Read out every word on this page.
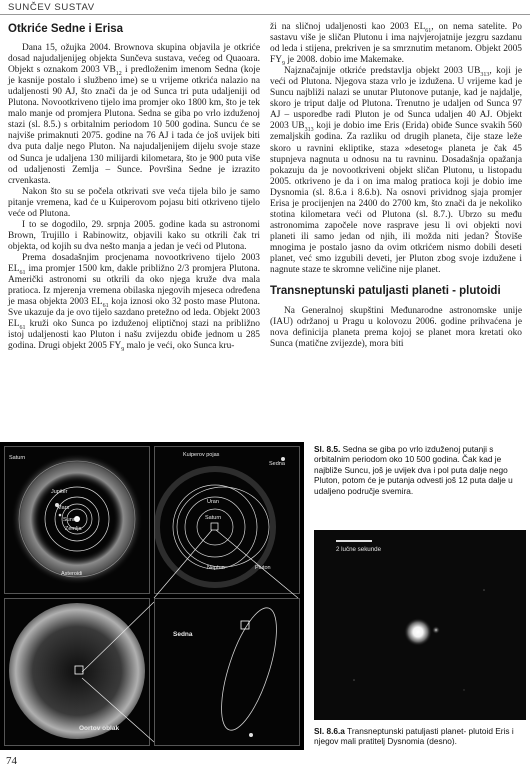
SUNČEV SUSTAV
Otkriće Sedne i Erisa

Dana 15, ožujka 2004. Brownova skupina objavila je otkriće dosad najudaljenijeg objekta Sunčeva sustava, većeg od Quaoara. Objekt s oznakom 2003 $VB_{12}$ i predloženim imenom Sedna (koje je kasnije postalo i službeno ime) se u vrijeme otkrića nalazio na udaljenosti 90 AJ, što znači da je od Sunca tri puta udaljeniji od Plutona. Novootkriveno tijelo ima promjer oko 1800 km, što je tek malo manje od promjera Plutona. Sedna se giba po vrlo izduženoj stazi (sl. 8.5.) s orbitalnim periodom 10 500 godina. Suncu će se najviše primaknuti 2075. godine na 76 AJ i tada će još uvijek biti dva puta dalje nego Pluton. Na najudaljenijem dijelu svoje staze od Sunca je udaljena 130 milijardi kilometara, što je 900 puta više od udaljenosti Zemlja – Sunce. Površina Sedne je izrazito crvenkasta.

Nakon što su se počela otkrivati sve veća tijela bilo je samo pitanje vremena, kad će u Kuiperovom pojasu biti otkriveno tijelo veće od Plutona.

I to se dogodilo, 29. srpnja 2005. godine kada su astronomi Brown, Trujillo i Rabinowitz, objavili kako su otkrili čak tri objekta, od kojih su dva nešto manja a jedan je veći od Plutona.

Prema dosadašnjim procjenama novootkriveno tijelo 2003 $EL_{61}$ ima promjer 1500 km, dakle približno 2/3 promjera Plutona. Američki astronomi su otkrili da oko njega kruže dva mala pratioca. Iz mjerenja vremena obilaska njegovih mjeseca određena je masa objekta 2003 $EL_{61}$ koja iznosi oko 32 posto mase Plutona. Sve ukazuje da je ovo tijelo sazdano pretežno od leda. Objekt 2003 $EL_{61}$ kruži oko Sunca po izduženoj eliptičnoj stazi na približno istoj udaljenosti kao Pluton i našu zvijezdu obiđe jednom u 285 godina. Drugi objekt 2005 $FY_9$ malo je veći, oko Sunca kru-

ži na sličnoj udaljenosti kao 2003 $EL_{61}$, on nema satelite. Po sastavu više je sličan Plutonu i ima najvjerojatnije jezgru sazdanu od leda i stijena, prekriven je sa smrznutim metanom. Objekt 2005 $FY_9$ je 2008. dobio ime Makemake.

Najznačajnije otkriće predstavlja objekt 2003 $UB_{313}$, koji je veći od Plutona. Njegova staza vrlo je izdužena. U vrijeme kad je Suncu najbliži nalazi se unutar Plutonove putanje, kad je najdalje, skoro je triput dalje od Plutona. Trenutno je udaljen od Sunca 97 AJ – usporedbe radi Pluton je od Sunca udaljen 40 AJ. Objekt 2003 $UB_{313}$ koji je dobio ime Eris (Erida) obiđe Sunce svakih 560 zemaljskih godina. Za razliku od drugih planeta, čije staze leže skoro u ravnini ekliptike, staza »desetog« planeta je čak 45 stupnjeva nagnuta u odnosu na tu ravninu. Dosadašnja opažanja pokazuju da je novootkriveni objekt sličan Plutonu, u listopadu 2005. otkriveno je da i on ima malog pratioca koji je dobio ime Dysnomia (sl. 8.6.a i 8.6.b). Na osnovi prividnog sjaja promjer Erisa je procijenjen na 2400 do 2700 km, što znači da je nekoliko stotina kilometara veći od Plutona (sl. 8.7.). Ubrzo su među astronomima započele nove rasprave jesu li ovi objekti novi planeti ili samo jedan od njih, ili možda niti jedan? Štoviše mnogima je postalo jasno da ovim otkrićem nismo dobili deseti planet, već smo izgubili deveti, jer Pluton zbog svoje izdužene i nagnute staze te skromne veličine nije planet.

Transneptunski patuljasti planeti - plutoidi

Na Generalnoj skupštini Međunarodne astronomske unije (IAU) održanoj u Pragu u kolovozu 2006. godine prihvaćena je nova definicija planeta prema kojoj se planet mora kretati oko Sunca (matične zvijezde), mora biti

Jupiter
Mars
Sunce
Zemlja
Saturn
Asteroidi
Kuiperov pojas
Sedna
Uran
Saturn
Neptun	Pluton
Oortov oblak
Sedna
Sl. 8.5. Sedna se giba po vrlo izduženoj putanji s orbitalnim periodom oko 10 500 godina. Čak kad je najbliže Suncu, još je uvijek dva i pol puta dalje nego Pluton, potom će je putanja odvesti još 12 puta dalje u udaljeno područje svemira.
2 lučne sekunde
Sl. 8.6.a Transneptunski patuljasti planet- plutoid Eris i njegov mali pratitelj Dysnomia (desno).
74
